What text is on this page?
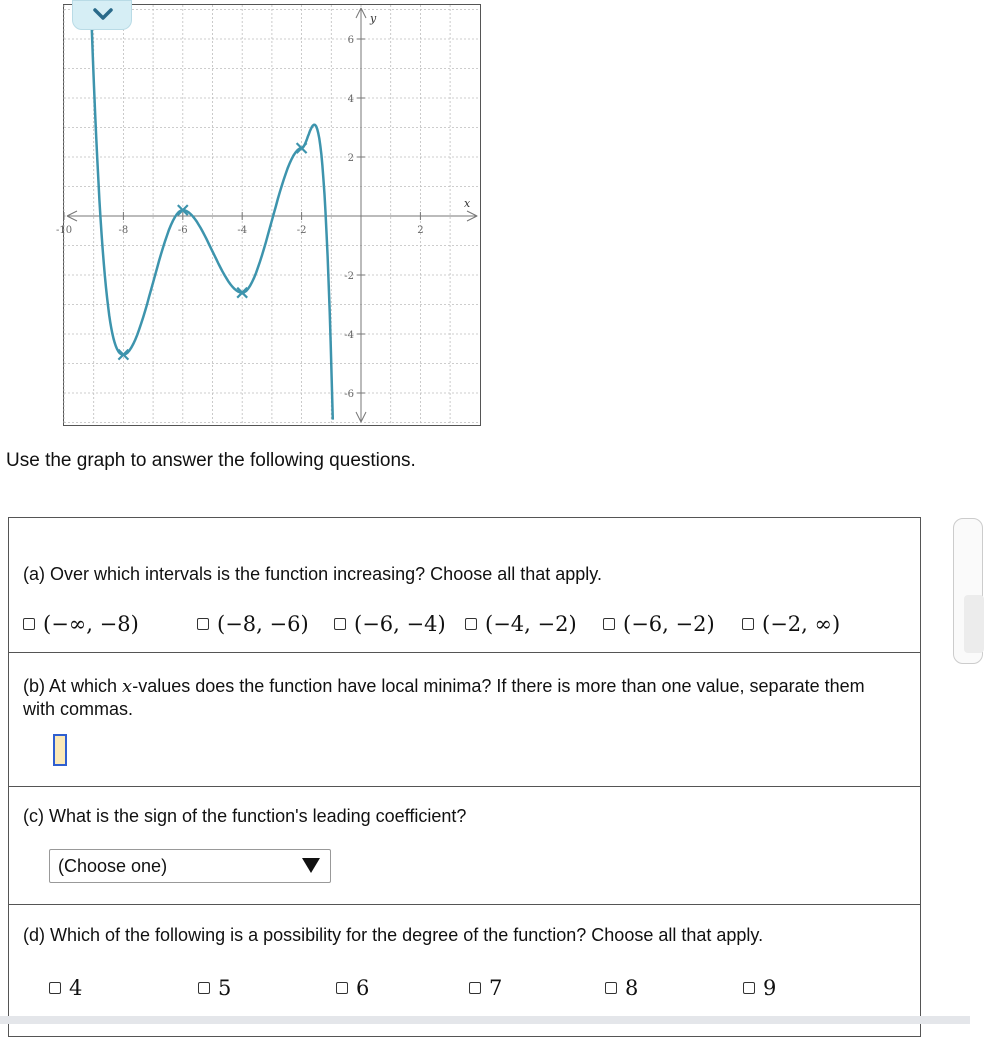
y
x
-10	-8	-6	-4	-2	2
6
4
2
-2
-4
-6
Use the graph to answer the following questions.
(a) Over which intervals is the function increasing? Choose all that apply.
(−∞, −8)	(−8, −6) (−6, −4) (−4, −2) (−6, −2) (−2, ∞)
(b) At which x-values does the function have local minima? If there is more than one value, separate them with commas.
(c) What is the sign of the function's leading coefficient?
(Choose one)
(d) Which of the following is a possibility for the degree of the function? Choose all that apply.
4	5	6	7	8	9
